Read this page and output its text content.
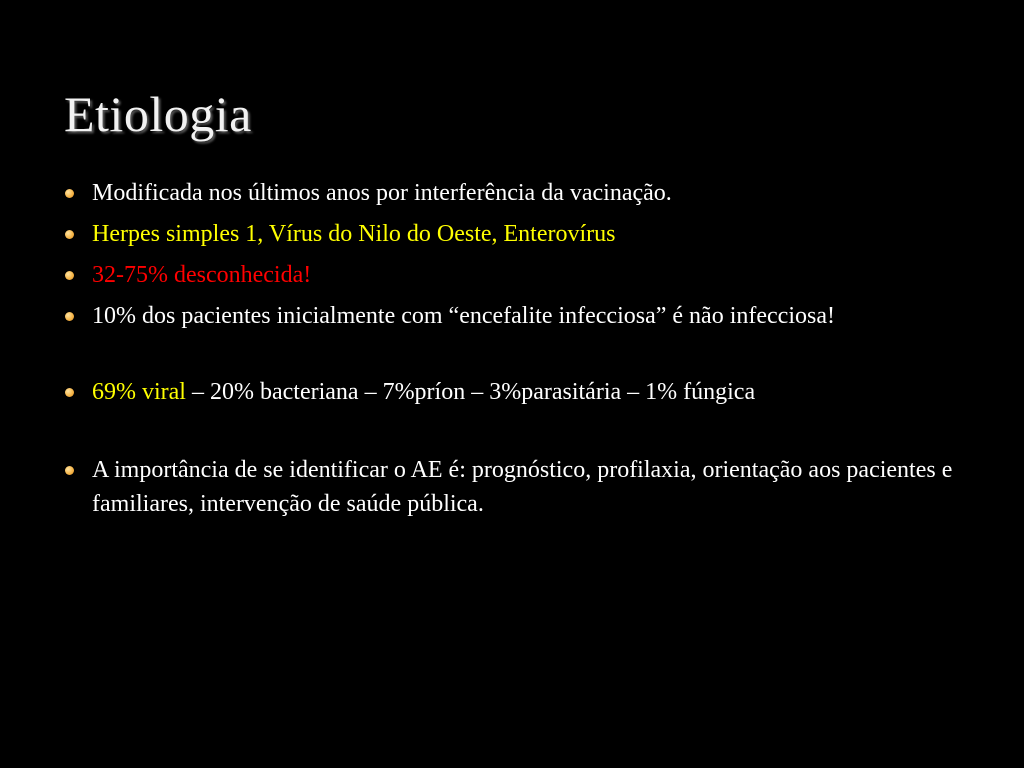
Etiologia
Modificada nos últimos anos por interferência da vacinação.
Herpes simples 1, Vírus do Nilo do Oeste, Enterovírus
32-75% desconhecida!
10% dos pacientes inicialmente com “encefalite infecciosa” é não infecciosa!
69% viral – 20% bacteriana – 7%príon – 3%parasitária – 1% fúngica
A importância de se identificar o AE é: prognóstico, profilaxia, orientação aos pacientes e familiares, intervenção de saúde pública.
